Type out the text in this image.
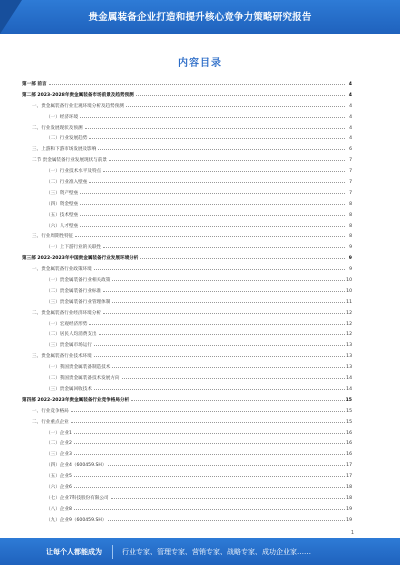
贵金属装备企业打造和提升核心竞争力策略研究报告
内容目录
第一部 前言	4
第二部 2023-2028年贵金属装备市场前景及趋势预测	4
一、贵金属装备行业宏观环境分析及趋势预测	4
（一）经济环境	4
二、行业发展现状及预测	4
（二）行业发展趋势	4
三、上游和下游市场发展及影响	6
二节 贵金属装备行业发展现状与前景	7
（一）行业技术水平及特点	7
（二）行业准入壁垒	7
（三）资产壁垒	7
（四）资金壁垒	8
（五）技术壁垒	8
（六）人才壁垒	8
三、行业周期性特征	8
（一）上下游行业的关联性	9
第三部 2022-2023年中国贵金属装备行业发展环境分析	9
一、贵金属装备行业政策环境	9
（一）贵金属装备行业相关政策	10
（二）贵金属装备行业标准	10
（三）贵金属装备行业管理体制	11
二、贵金属装备行业经济环境分析	12
（一）宏观经济形势	12
（二）居民人均消费支出	12
（三）贵金属市场运行	13
三、贵金属装备行业技术环境	13
（一）我国贵金属装备制造技术	13
（二）我国贵金属装备技术发展方向	14
（三）贵金属回收技术	14
第四部 2022-2023年贵金属装备行业竞争格局分析	15
一、行业竞争格局	15
二、行业重点企业	15
（一）企业1	16
（二）企业2	16
（三）企业3	16
（四）企业4（600459.SH）	17
（五）企业5	17
（六）企业6	18
（七）企业7科技股份有限公司	18
（八）企业8	19
（九）企业9（600459.SH）	19
1
让每个人都能成为	行业专家、管理专家、营销专家、战略专家、成功企业家……
